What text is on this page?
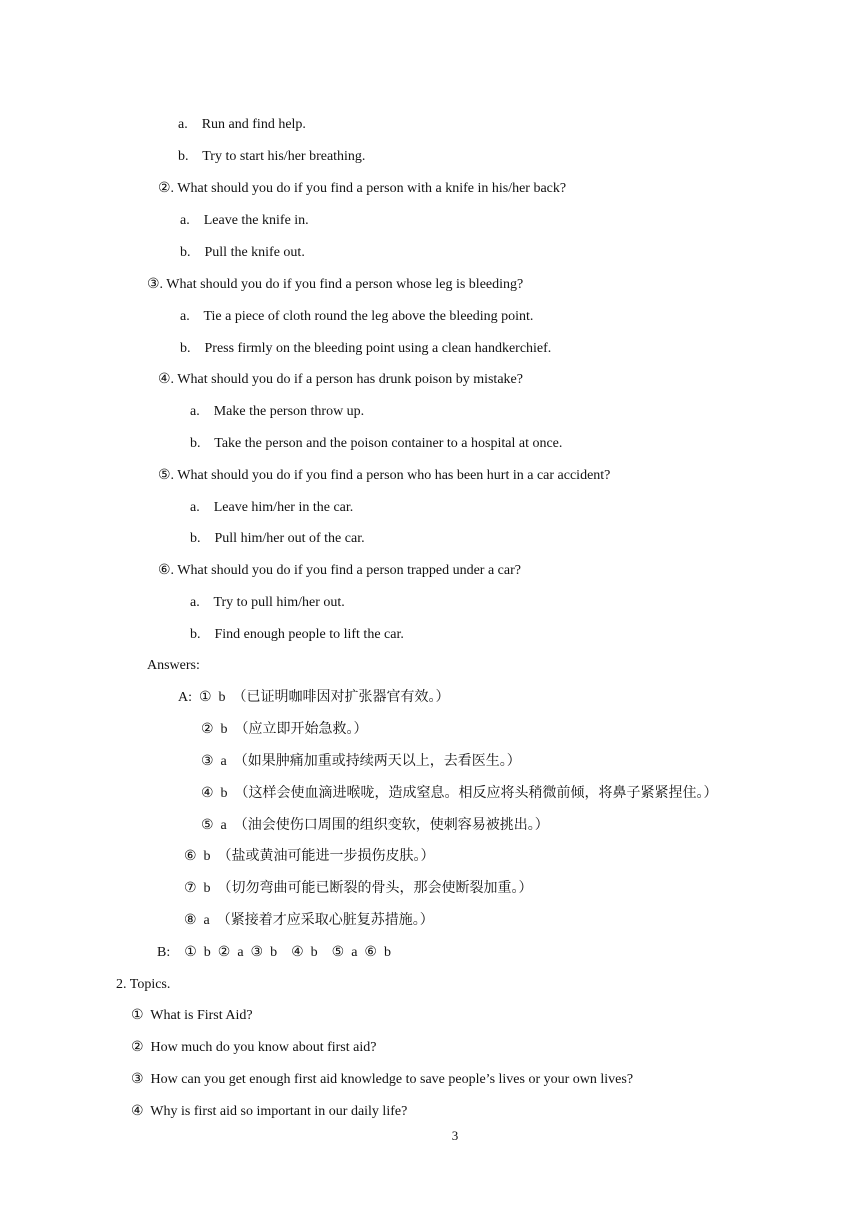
a.    Run and find help.
b.    Try to start his/her breathing.
②. What should you do if you find a person with a knife in his/her back?
a.    Leave the knife in.
b.    Pull the knife out.
③. What should you do if you find a person whose leg is bleeding?
a.    Tie a piece of cloth round the leg above the bleeding point.
b.    Press firmly on the bleeding point using a clean handkerchief.
④. What should you do if a person has drunk poison by mistake?
a.    Make the person throw up.
b.    Take the person and the poison container to a hospital at once.
⑤. What should you do if you find a person who has been hurt in a car accident?
a.    Leave him/her in the car.
b.    Pull him/her out of the car.
⑥. What should you do if you find a person trapped under a car?
a.    Try to pull him/her out.
b.    Find enough people to lift the car.
Answers:
A:  ①  b  （已证明咖啡因对扩张器官有效。）
②  b  （应立即开始急救。）
③  a  （如果肿痛加重或持续两天以上，去看医生。）
④  b  （这样会使血滴进喉咙，造成窒息。相反应将头稍微前倾，将鼻子紧紧捏住。）
⑤  a  （油会使伤口周围的组织变软，使刺容易被挑出。）
⑥  b  （盐或黄油可能进一步损伤皮肤。）
⑦  b  （切勿弯曲可能已断裂的骨头，那会使断裂加重。）
⑧  a  （紧接着才应采取心脏复苏措施。）
B:    ①  b  ②  a  ③  b    ④  b    ⑤  a  ⑥  b
2. Topics.
①  What is First Aid?
②  How much do you know about first aid?
③  How can you get enough first aid knowledge to save people’s lives or your own lives?
④  Why is first aid so important in our daily life?
3
